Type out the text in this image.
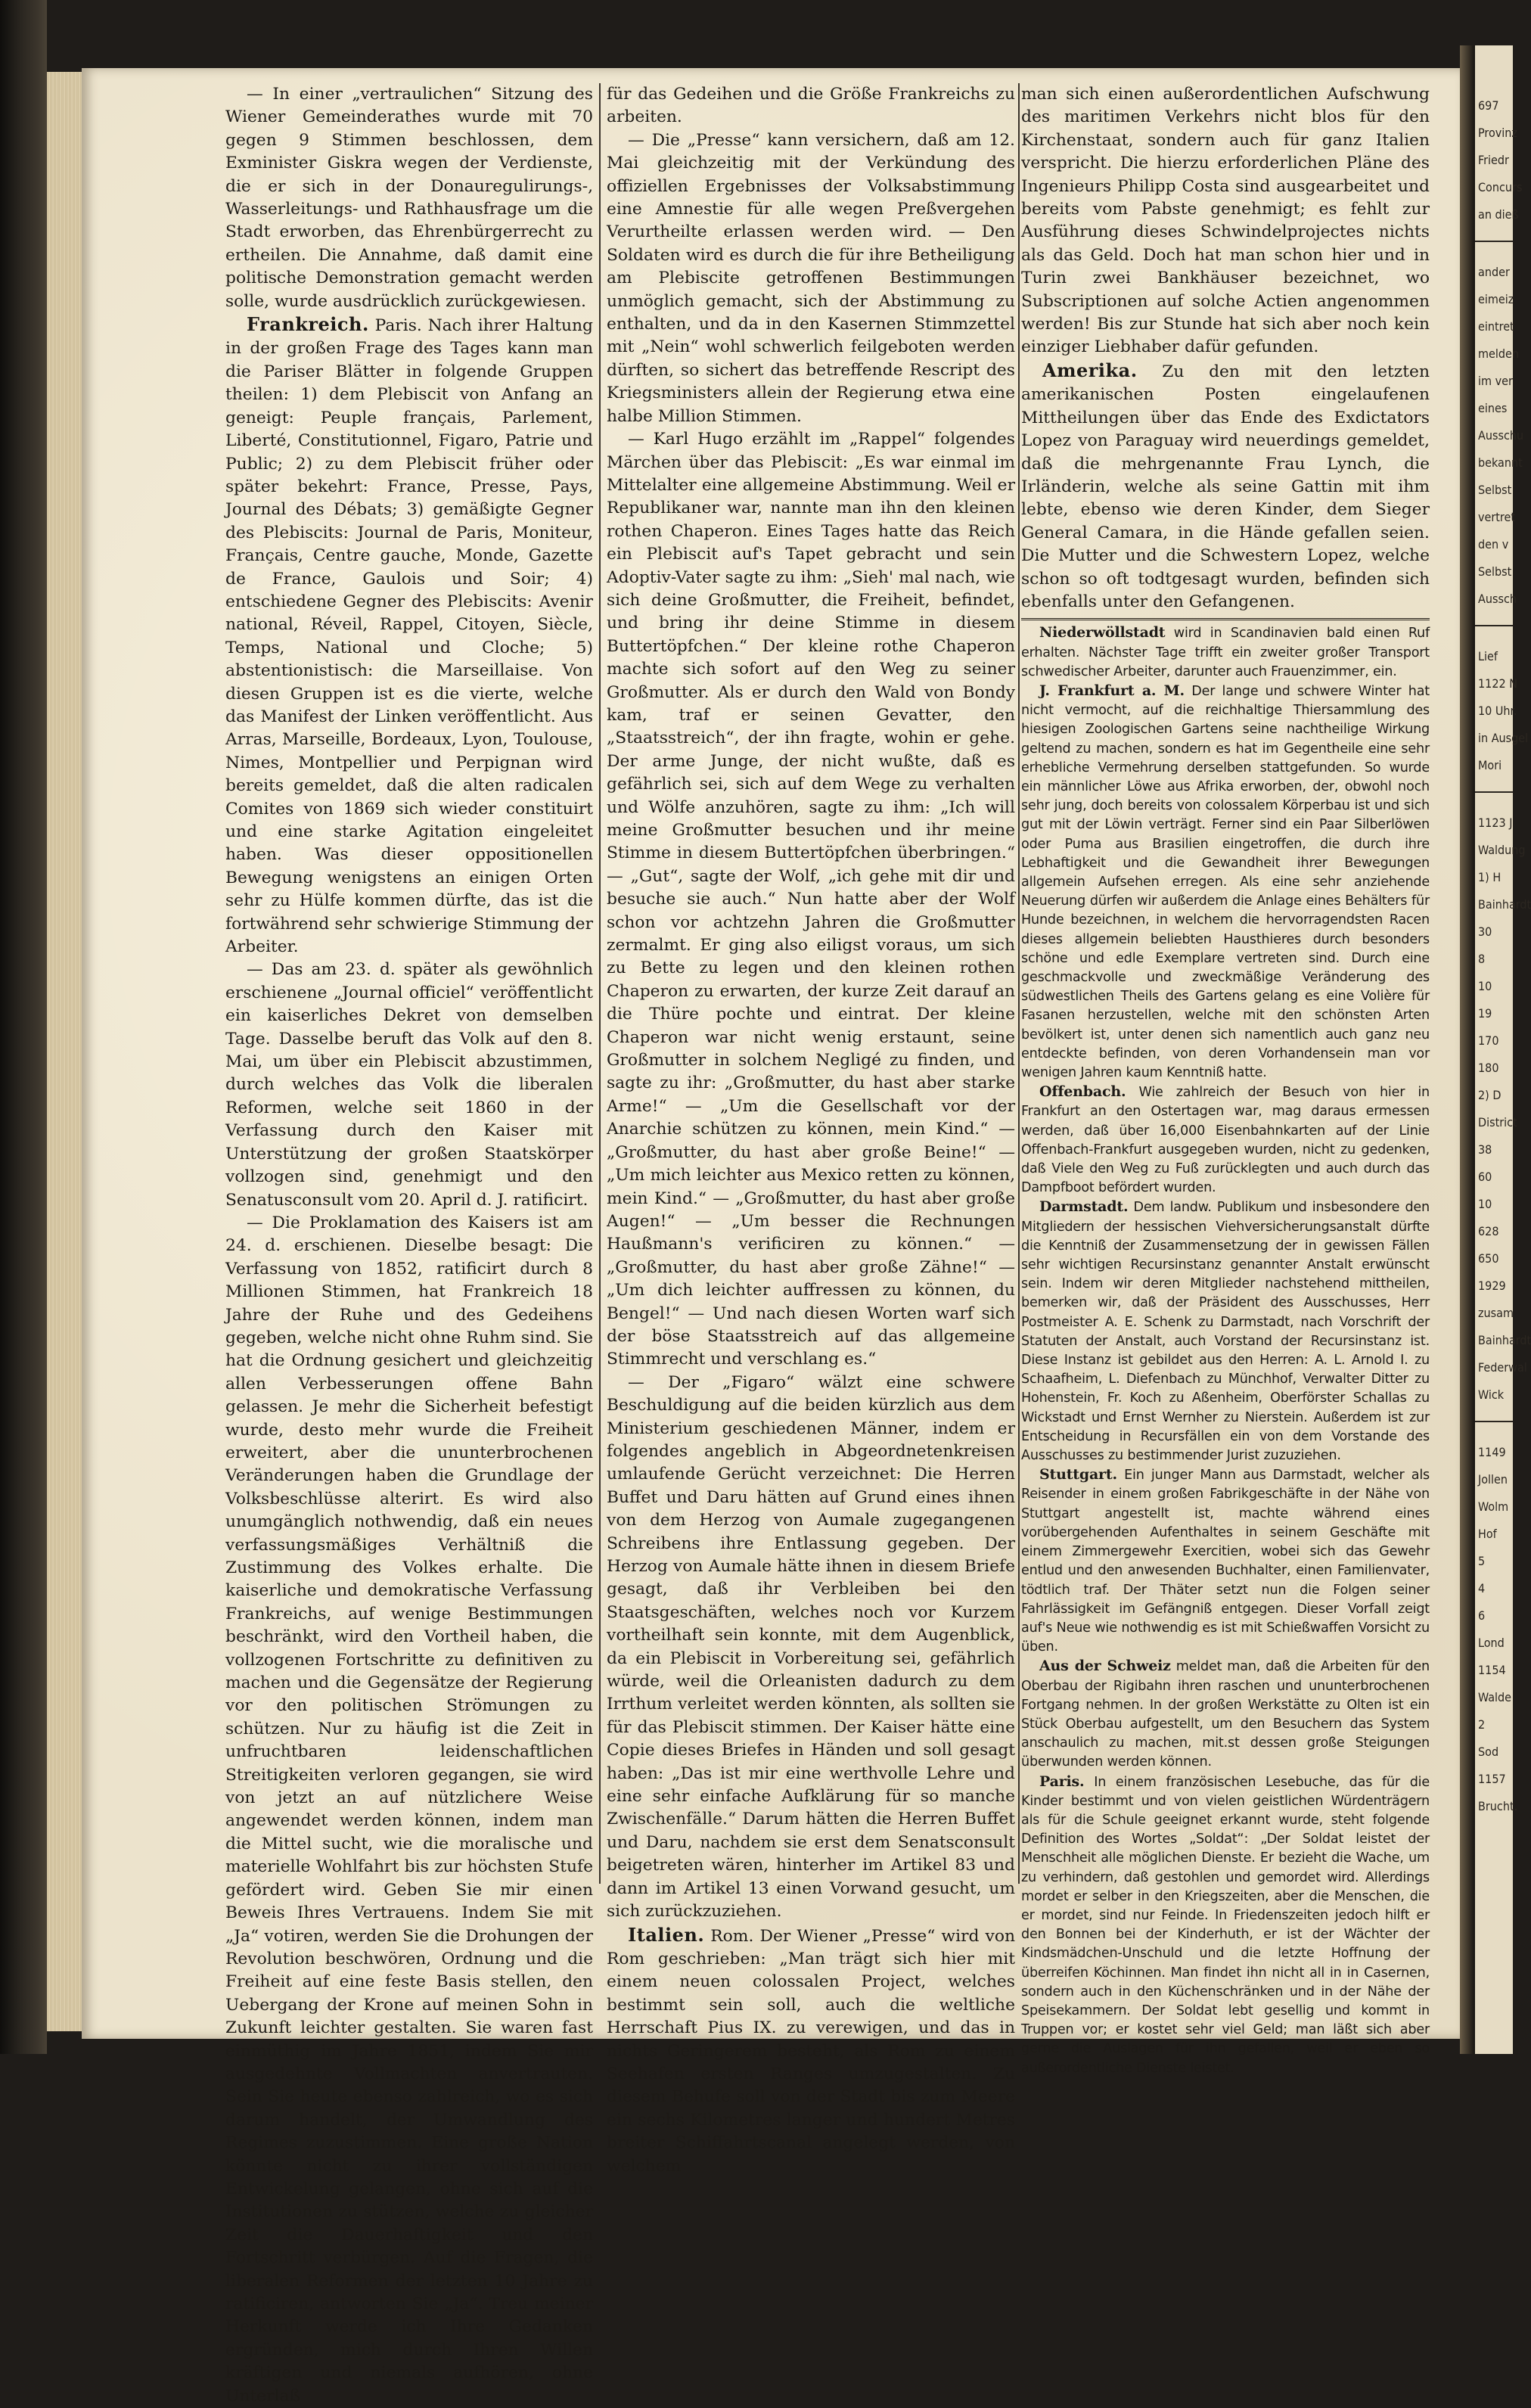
— In einer „vertraulichen“ Sitzung des Wiener Gemeinderathes wurde mit 70 gegen 9 Stimmen beschlossen, dem Exminister Giskra wegen der Verdienste, die er sich in der Donauregulirungs-, Wasserleitungs- und Rathhausfrage um die Stadt erworben, das Ehrenbürgerrecht zu ertheilen. Die Annahme, daß damit eine politische Demonstration gemacht werden solle, wurde ausdrücklich zurückgewiesen.

Frankreich. Paris. Nach ihrer Haltung in der großen Frage des Tages kann man die Pariser Blätter in folgende Gruppen theilen: 1) dem Plebiscit von Anfang an geneigt: Peuple français, Parlement, Liberté, Constitutionnel, Figaro, Patrie und Public; 2) zu dem Plebiscit früher oder später bekehrt: France, Presse, Pays, Journal des Débats; 3) gemäßigte Gegner des Plebiscits: Journal de Paris, Moniteur, Français, Centre gauche, Monde, Gazette de France, Gaulois und Soir; 4) entschiedene Gegner des Plebiscits: Avenir national, Réveil, Rappel, Citoyen, Siècle, Temps, National und Cloche; 5) abstentionistisch: die Marseillaise. Von diesen Gruppen ist es die vierte, welche das Manifest der Linken veröffentlicht. Aus Arras, Marseille, Bordeaux, Lyon, Toulouse, Nimes, Montpellier und Perpignan wird bereits gemeldet, daß die alten radicalen Comites von 1869 sich wieder constituirt und eine starke Agitation eingeleitet haben. Was dieser oppositionellen Bewegung wenigstens an einigen Orten sehr zu Hülfe kommen dürfte, das ist die fortwährend sehr schwierige Stimmung der Arbeiter.

— Das am 23. d. später als gewöhnlich erschienene „Journal officiel“ veröffentlicht ein kaiserliches Dekret von demselben Tage. Dasselbe beruft das Volk auf den 8. Mai, um über ein Plebiscit abzustimmen, durch welches das Volk die liberalen Reformen, welche seit 1860 in der Verfassung durch den Kaiser mit Unterstützung der großen Staatskörper vollzogen sind, genehmigt und den Senatusconsult vom 20. April d. J. ratificirt.

— Die Proklamation des Kaisers ist am 24. d. erschienen. Dieselbe besagt: Die Verfassung von 1852, ratificirt durch 8 Millionen Stimmen, hat Frankreich 18 Jahre der Ruhe und des Gedeihens gegeben, welche nicht ohne Ruhm sind. Sie hat die Ordnung gesichert und gleichzeitig allen Verbesserungen offene Bahn gelassen. Je mehr die Sicherheit befestigt wurde, desto mehr wurde die Freiheit erweitert, aber die ununterbrochenen Veränderungen haben die Grundlage der Volksbeschlüsse alterirt. Es wird also unumgänglich nothwendig, daß ein neues verfassungsmäßiges Verhältniß die Zustimmung des Volkes erhalte. Die kaiserliche und demokratische Verfassung Frankreichs, auf wenige Bestimmungen beschränkt, wird den Vortheil haben, die vollzogenen Fortschritte zu definitiven zu machen und die Gegensätze der Regierung vor den politischen Strömungen zu schützen. Nur zu häufig ist die Zeit in unfruchtbaren leidenschaftlichen Streitigkeiten verloren gegangen, sie wird von jetzt an auf nützlichere Weise angewendet werden können, indem man die Mittel sucht, wie die moralische und materielle Wohlfahrt bis zur höchsten Stufe gefördert wird. Geben Sie mir einen Beweis Ihres Vertrauens. Indem Sie mit „Ja“ votiren, werden Sie die Drohungen der Revolution beschwören, Ordnung und die Freiheit auf eine feste Basis stellen, den Uebergang der Krone auf meinen Sohn in Zukunft leichter gestalten. Sie waren fast einmüthig im Jahre 1851, indem Sie mir ausgedehnte Vollmachten anvertrauten. Sein Sie heute ebenso zahlreich, wo es sich darum handelt, der Umwandlung des Regimes zuzustimmen. Eine große Nation könnte nicht zu ihrer vollständigen Entwickelung gelangen, ohne sich auf die Institutionen zu stützen, welche zu gleicher Zeit die Dauerhaftigkeit und den Fortschritt verbürgen. Auf die Fragen, die liberalen Reformen der letzten 10 Jahre zu ratificiren, antworten Sie „Ja“. Treu meiner Herkunft werde ich Ihre Gedanken ergründen, mich durch Ihren Willen kräftigen und niemals aufhören, ohne Unterlaß

für das Gedeihen und die Größe Frankreichs zu arbeiten.

— Die „Presse“ kann versichern, daß am 12. Mai gleichzeitig mit der Verkündung des offiziellen Ergebnisses der Volksabstimmung eine Amnestie für alle wegen Preßvergehen Verurtheilte erlassen werden wird. — Den Soldaten wird es durch die für ihre Betheiligung am Plebiscite getroffenen Bestimmungen unmöglich gemacht, sich der Abstimmung zu enthalten, und da in den Kasernen Stimmzettel mit „Nein“ wohl schwerlich feilgeboten werden dürften, so sichert das betreffende Rescript des Kriegsministers allein der Regierung etwa eine halbe Million Stimmen.

— Karl Hugo erzählt im „Rappel“ folgendes Märchen über das Plebiscit: „Es war einmal im Mittelalter eine allgemeine Abstimmung. Weil er Republikaner war, nannte man ihn den kleinen rothen Chaperon. Eines Tages hatte das Reich ein Plebiscit auf's Tapet gebracht und sein Adoptiv-Vater sagte zu ihm: „Sieh' mal nach, wie sich deine Großmutter, die Freiheit, befindet, und bring ihr deine Stimme in diesem Buttertöpfchen.“ Der kleine rothe Chaperon machte sich sofort auf den Weg zu seiner Großmutter. Als er durch den Wald von Bondy kam, traf er seinen Gevatter, den „Staatsstreich“, der ihn fragte, wohin er gehe. Der arme Junge, der nicht wußte, daß es gefährlich sei, sich auf dem Wege zu verhalten und Wölfe anzuhören, sagte zu ihm: „Ich will meine Großmutter besuchen und ihr meine Stimme in diesem Buttertöpfchen überbringen.“ — „Gut“, sagte der Wolf, „ich gehe mit dir und besuche sie auch.“ Nun hatte aber der Wolf schon vor achtzehn Jahren die Großmutter zermalmt. Er ging also eiligst voraus, um sich zu Bette zu legen und den kleinen rothen Chaperon zu erwarten, der kurze Zeit darauf an die Thüre pochte und eintrat. Der kleine Chaperon war nicht wenig erstaunt, seine Großmutter in solchem Negligé zu finden, und sagte zu ihr: „Großmutter, du hast aber starke Arme!“ — „Um die Gesellschaft vor der Anarchie schützen zu können, mein Kind.“ — „Großmutter, du hast aber große Beine!“ — „Um mich leichter aus Mexico retten zu können, mein Kind.“ — „Großmutter, du hast aber große Augen!“ — „Um besser die Rechnungen Haußmann's verificiren zu können.“ — „Großmutter, du hast aber große Zähne!“ — „Um dich leichter auffressen zu können, du Bengel!“ — Und nach diesen Worten warf sich der böse Staatsstreich auf das allgemeine Stimmrecht und verschlang es.“

— Der „Figaro“ wälzt eine schwere Beschuldigung auf die beiden kürzlich aus dem Ministerium geschiedenen Männer, indem er folgendes angeblich in Abgeordnetenkreisen umlaufende Gerücht verzeichnet: Die Herren Buffet und Daru hätten auf Grund eines ihnen von dem Herzog von Aumale zugegangenen Schreibens ihre Entlassung gegeben. Der Herzog von Aumale hätte ihnen in diesem Briefe gesagt, daß ihr Verbleiben bei den Staatsgeschäften, welches noch vor Kurzem vortheilhaft sein konnte, mit dem Augenblick, da ein Plebiscit in Vorbereitung sei, gefährlich würde, weil die Orleanisten dadurch zu dem Irrthum verleitet werden könnten, als sollten sie für das Plebiscit stimmen. Der Kaiser hätte eine Copie dieses Briefes in Händen und soll gesagt haben: „Das ist mir eine werthvolle Lehre und eine sehr einfache Aufklärung für so manche Zwischenfälle.“ Darum hätten die Herren Buffet und Daru, nachdem sie erst dem Senatsconsult beigetreten wären, hinterher im Artikel 83 und dann im Artikel 13 einen Vorwand gesucht, um sich zurückzuziehen.

Italien. Rom. Der Wiener „Presse“ wird von Rom geschrieben: „Man trägt sich hier mit einem neuen colossalen Project, welches bestimmt sein soll, auch die weltliche Herrschaft Pius IX. zu verewigen, und das in nichts Geringerem besteht, als Rom zu einem Seehafen ersten Ranges umzugestalten. Zu diesem Behufe soll von der Stadt bis zum Meere ein sechs Kilometres langer und hundert Metres breiter Schiffahrtscanal angelegt werden, von welchem

man sich einen außerordentlichen Aufschwung des maritimen Verkehrs nicht blos für den Kirchenstaat, sondern auch für ganz Italien verspricht. Die hierzu erforderlichen Pläne des Ingenieurs Philipp Costa sind ausgearbeitet und bereits vom Pabste genehmigt; es fehlt zur Ausführung dieses Schwindelprojectes nichts als das Geld. Doch hat man schon hier und in Turin zwei Bankhäuser bezeichnet, wo Subscriptionen auf solche Actien angenommen werden! Bis zur Stunde hat sich aber noch kein einziger Liebhaber dafür gefunden.

Amerika. Zu den mit den letzten amerikanischen Posten eingelaufenen Mittheilungen über das Ende des Exdictators Lopez von Paraguay wird neuerdings gemeldet, daß die mehrgenannte Frau Lynch, die Irländerin, welche als seine Gattin mit ihm lebte, ebenso wie deren Kinder, dem Sieger General Camara, in die Hände gefallen seien. Die Mutter und die Schwestern Lopez, welche schon so oft todtgesagt wurden, befinden sich ebenfalls unter den Gefangenen.

Niederwöllstadt wird in Scandinavien bald einen Ruf erhalten. Nächster Tage trifft ein zweiter großer Transport schwedischer Arbeiter, darunter auch Frauenzimmer, ein.

J. Frankfurt a. M. Der lange und schwere Winter hat nicht vermocht, auf die reichhaltige Thiersammlung des hiesigen Zoologischen Gartens seine nachtheilige Wirkung geltend zu machen, sondern es hat im Gegentheile eine sehr erhebliche Vermehrung derselben stattgefunden. So wurde ein männlicher Löwe aus Afrika erworben, der, obwohl noch sehr jung, doch bereits von colossalem Körperbau ist und sich gut mit der Löwin verträgt. Ferner sind ein Paar Silberlöwen oder Puma aus Brasilien eingetroffen, die durch ihre Lebhaftigkeit und die Gewandheit ihrer Bewegungen allgemein Aufsehen erregen. Als eine sehr anziehende Neuerung dürfen wir außerdem die Anlage eines Behälters für Hunde bezeichnen, in welchem die hervorragendsten Racen dieses allgemein beliebten Hausthieres durch besonders schöne und edle Exemplare vertreten sind. Durch eine geschmackvolle und zweckmäßige Veränderung des südwestlichen Theils des Gartens gelang es eine Volière für Fasanen herzustellen, welche mit den schönsten Arten bevölkert ist, unter denen sich namentlich auch ganz neu entdeckte befinden, von deren Vorhandensein man vor wenigen Jahren kaum Kenntniß hatte.

Offenbach. Wie zahlreich der Besuch von hier in Frankfurt an den Ostertagen war, mag daraus ermessen werden, daß über 16,000 Eisenbahnkarten auf der Linie Offenbach-Frankfurt ausgegeben wurden, nicht zu gedenken, daß Viele den Weg zu Fuß zurücklegten und auch durch das Dampfboot befördert wurden.

Darmstadt. Dem landw. Publikum und insbesondere den Mitgliedern der hessischen Viehversicherungsanstalt dürfte die Kenntniß der Zusammensetzung der in gewissen Fällen sehr wichtigen Recursinstanz genannter Anstalt erwünscht sein. Indem wir deren Mitglieder nachstehend mittheilen, bemerken wir, daß der Präsident des Ausschusses, Herr Postmeister A. E. Schenk zu Darmstadt, nach Vorschrift der Statuten der Anstalt, auch Vorstand der Recursinstanz ist. Diese Instanz ist gebildet aus den Herren: A. L. Arnold I. zu Schaafheim, L. Diefenbach zu Münchhof, Verwalter Ditter zu Hohenstein, Fr. Koch zu Aßenheim, Oberförster Schallas zu Wickstadt und Ernst Wernher zu Nierstein. Außerdem ist zur Entscheidung in Recursfällen ein von dem Vorstande des Ausschusses zu bestimmender Jurist zuzuziehen.

Stuttgart. Ein junger Mann aus Darmstadt, welcher als Reisender in einem großen Fabrikgeschäfte in der Nähe von Stuttgart angestellt ist, machte während eines vorübergehenden Aufenthaltes in seinem Geschäfte mit einem Zimmergewehr Exercitien, wobei sich das Gewehr entlud und den anwesenden Buchhalter, einen Familienvater, tödtlich traf. Der Thäter setzt nun die Folgen seiner Fahrlässigkeit im Gefängniß entgegen. Dieser Vorfall zeigt auf's Neue wie nothwendig es ist mit Schießwaffen Vorsicht zu üben.

Aus der Schweiz meldet man, daß die Arbeiten für den Oberbau der Rigibahn ihren raschen und ununterbrochenen Fortgang nehmen. In der großen Werkstätte zu Olten ist ein Stück Oberbau aufgestellt, um den Besuchern das System anschaulich zu machen, mit.st dessen große Steigungen überwunden werden können.

Paris. In einem französischen Lesebuche, das für die Kinder bestimmt und von vielen geistlichen Würdenträgern als für die Schule geeignet erkannt wurde, steht folgende Definition des Wortes „Soldat“: „Der Soldat leistet der Menschheit alle möglichen Dienste. Er bezieht die Wache, um zu verhindern, daß gestohlen und gemordet wird. Allerdings mordet er selber in den Kriegszeiten, aber die Menschen, die er mordet, sind nur Feinde. In Friedenszeiten jedoch hilft er den Bonnen bei der Kinderhuth, er ist der Wächter der Kindsmädchen-Unschuld und die letzte Hoffnung der überreifen Köchinnen. Man findet ihn nicht all in in Casernen, sondern auch in den Küchenschränken und in der Nähe der Speisekammern. Der Soldat lebt gesellig und kommt in Truppen vor; er kostet sehr viel Geld; man läßt sich aber gerne die Auslagen für ihn gefallen, weil er eben so außerordentliche Dienste leistet.

697
Provinz
Friedr
Concurs
an dieß
ander
eimeiz
eintret
melden
im ver
eines
Ausschu
bekannt
Selbst
vertret
den v
Selbst
Aussch
Lief
1122 N
10 Uhr.
in Ausgel
Mori
1123 J
Waldung
1) H
Bainhardt
30
8
10
19
170
180
2) D
District
38
60
10
628
650
1929
zusam
Bainhardt
Federwal
Wick
1149
Jollen
Wolm
Hof
5
4
6
Lond
1154
Walde
2
Sod
1157
Brucht.
